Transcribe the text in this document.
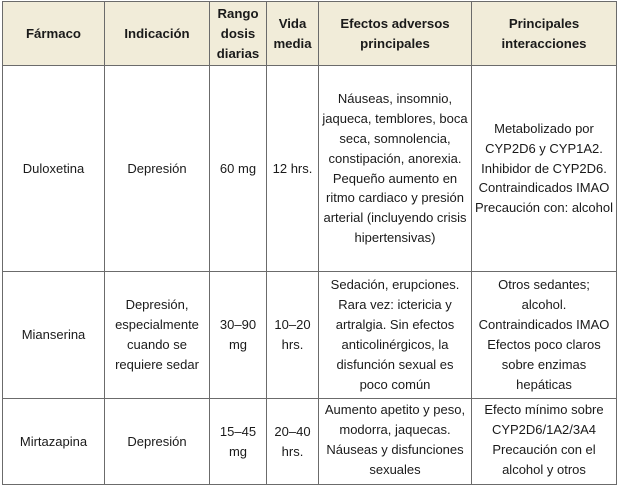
Fármaco	Indicación	Rango dosis diarias	Vida media	Efectos adversos principales	Principales interacciones
Duloxetina	Depresión	60 mg	12 hrs.	Náuseas, insomnio, jaqueca, temblores, boca seca, somnolencia, constipación, anorexia. Pequeño aumento en ritmo cardiaco y presión arterial (incluyendo crisis hipertensivas)	Metabolizado por CYP2D6 y CYP1A2. Inhibidor de CYP2D6. Contraindicados IMAO Precaución con: alcohol
Mianserina	Depresión, especialmente cuando se requiere sedar	30–90 mg	10–20 hrs.	Sedación, erupciones. Rara vez: ictericia y artralgia. Sin efectos anticolinérgicos, la disfunción sexual es poco común	Otros sedantes; alcohol. Contraindicados IMAO Efectos poco claros sobre enzimas hepáticas
Mirtazapina	Depresión	15–45 mg	20–40 hrs.	Aumento apetito y peso, modorra, jaquecas. Náuseas y disfunciones sexuales	Efecto mínimo sobre CYP2D6/1A2/3A4 Precaución con el alcohol y otros
